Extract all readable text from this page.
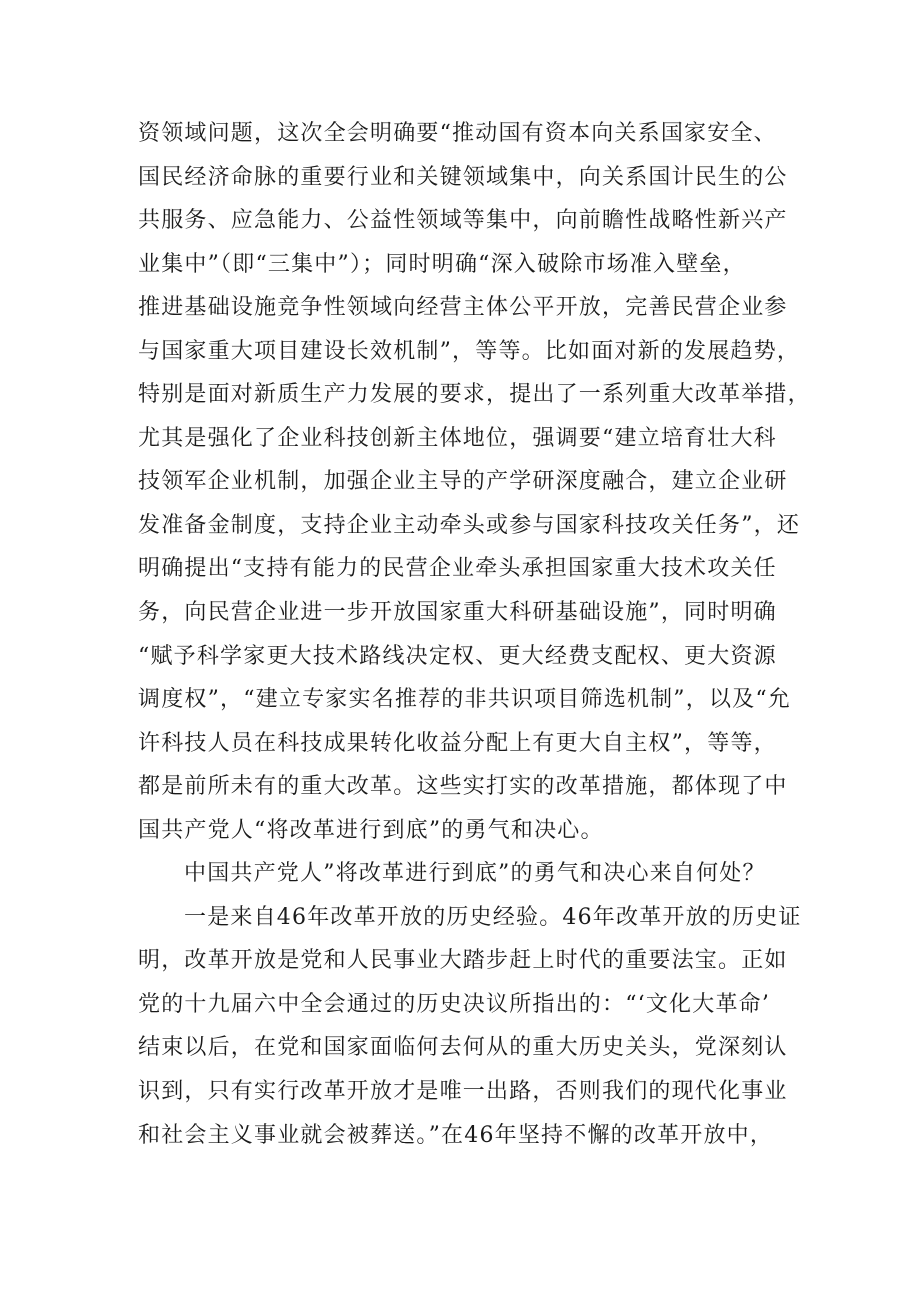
资领域问题，这次全会明确要“推动国有资本向关系国家安全、
国民经济命脉的重要行业和关键领域集中，向关系国计民生的公
共服务、应急能力、公益性领域等集中，向前瞻性战略性新兴产
业集中”（即“三集中”）；同时明确“深入破除市场准入壁垒，
推进基础设施竞争性领域向经营主体公平开放，完善民营企业参
与国家重大项目建设长效机制”，等等。比如面对新的发展趋势，
特别是面对新质生产力发展的要求，提出了一系列重大改革举措，
尤其是强化了企业科技创新主体地位，强调要“建立培育壮大科
技领军企业机制，加强企业主导的产学研深度融合，建立企业研
发准备金制度，支持企业主动牵头或参与国家科技攻关任务”，还
明确提出“支持有能力的民营企业牵头承担国家重大技术攻关任
务，向民营企业进一步开放国家重大科研基础设施”，同时明确
“赋予科学家更大技术路线决定权、更大经费支配权、更大资源
调度权”，“建立专家实名推荐的非共识项目筛选机制”，以及“允
许科技人员在科技成果转化收益分配上有更大自主权”，等等，
都是前所未有的重大改革。这些实打实的改革措施，都体现了中
国共产党人“将改革进行到底”的勇气和决心。
中国共产党人”将改革进行到底”的勇气和决心来自何处？
一是来自46年改革开放的历史经验。46年改革开放的历史证
明，改革开放是党和人民事业大踏步赶上时代的重要法宝。正如
党的十九届六中全会通过的历史决议所指出的：“‘文化大革命’
结束以后，在党和国家面临何去何从的重大历史关头，党深刻认
识到，只有实行改革开放才是唯一出路，否则我们的现代化事业
和社会主义事业就会被葬送。”在46年坚持不懈的改革开放中，
